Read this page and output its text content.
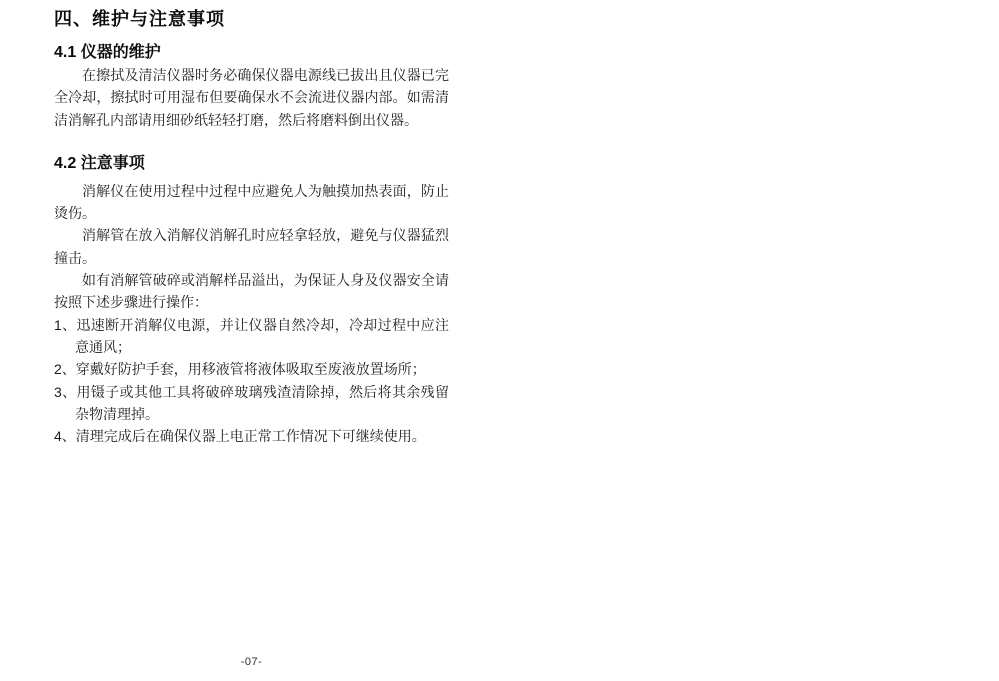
四、维护与注意事项
4.1 仪器的维护

在擦拭及清洁仪器时务必确保仪器电源线已拔出且仪器已完全冷却，擦拭时可用湿布但要确保水不会流进仪器内部。如需清洁消解孔内部请用细砂纸轻轻打磨，然后将磨料倒出仪器。

4.2 注意事项

消解仪在使用过程中过程中应避免人为触摸加热表面，防止烫伤。

消解管在放入消解仪消解孔时应轻拿轻放，避免与仪器猛烈撞击。

如有消解管破碎或消解样品溢出，为保证人身及仪器安全请按照下述步骤进行操作：

1、迅速断开消解仪电源，并让仪器自然冷却，冷却过程中应注意通风；
2、穿戴好防护手套，用移液管将液体吸取至废液放置场所；
3、用镊子或其他工具将破碎玻璃残渣清除掉，然后将其余残留杂物清理掉。
4、清理完成后在确保仪器上电正常工作情况下可继续使用。
-07-
